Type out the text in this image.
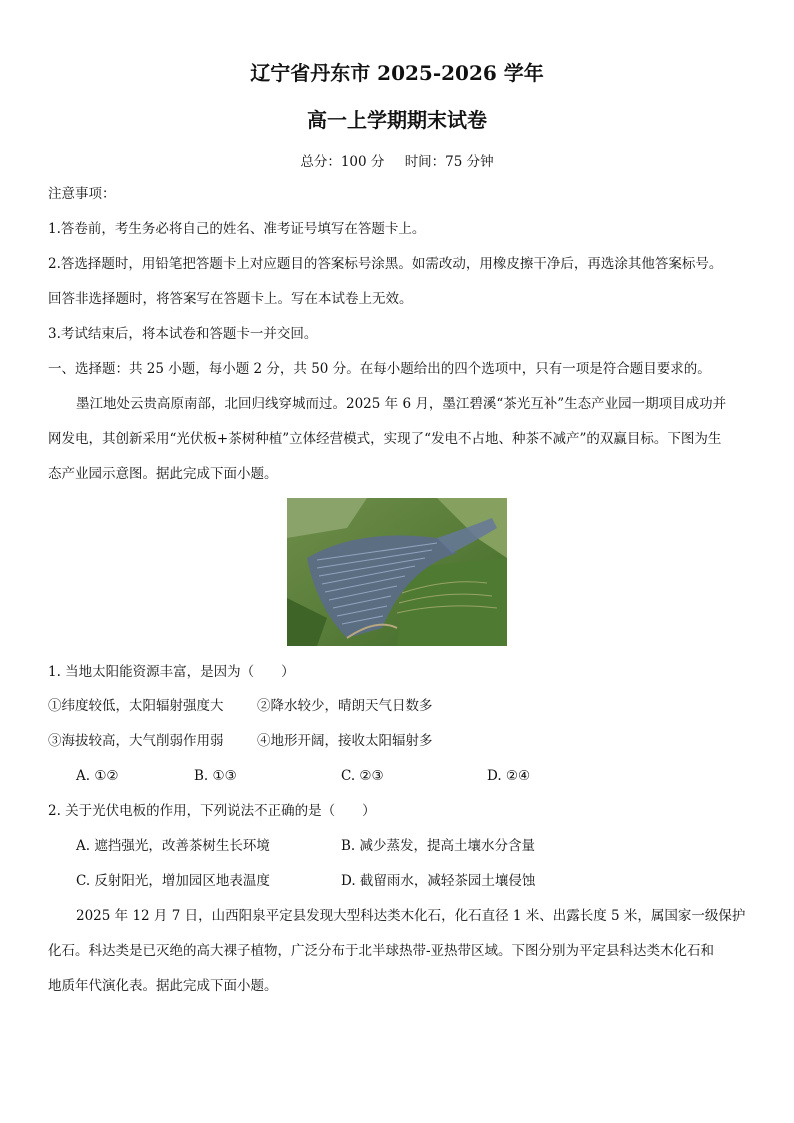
辽宁省丹东市 2025-2026 学年
高一上学期期末试卷
总分：100 分 时间：75 分钟
注意事项：
1.答卷前，考生务必将自己的姓名、准考证号填写在答题卡上。
2.答选择题时，用铅笔把答题卡上对应题目的答案标号涂黑。如需改动，用橡皮擦干净后，再选涂其他答案标号。
回答非选择题时，将答案写在答题卡上。写在本试卷上无效。
3.考试结束后，将本试卷和答题卡一并交回。
一、选择题：共 25 小题，每小题 2 分，共 50 分。在每小题给出的四个选项中，只有一项是符合题目要求的。
墨江地处云贵高原南部，北回归线穿城而过。2025 年 6 月，墨江碧溪“茶光互补”生态产业园一期项目成功并
网发电，其创新采用“光伏板+茶树种植”立体经营模式，实现了“发电不占地、种茶不减产”的双赢目标。下图为生
态产业园示意图。据此完成下面小题。
1. 当地太阳能资源丰富，是因为（　　）
①纬度较低，太阳辐射强度大 ②降水较少，晴朗天气日数多
③海拔较高，大气削弱作用弱 ④地形开阔，接收太阳辐射多
A. ①②	B. ①③	C. ②③	D. ②④
2. 关于光伏电板的作用，下列说法不正确的是（　　）
A. 遮挡强光，改善茶树生长环境	B. 减少蒸发，提高土壤水分含量
C. 反射阳光，增加园区地表温度	D. 截留雨水，减轻茶园土壤侵蚀
2025 年 12 月 7 日，山西阳泉平定县发现大型科达类木化石，化石直径 1 米、出露长度 5 米，属国家一级保护
化石。科达类是已灭绝的高大裸子植物，广泛分布于北半球热带-亚热带区域。下图分别为平定县科达类木化石和
地质年代演化表。据此完成下面小题。
